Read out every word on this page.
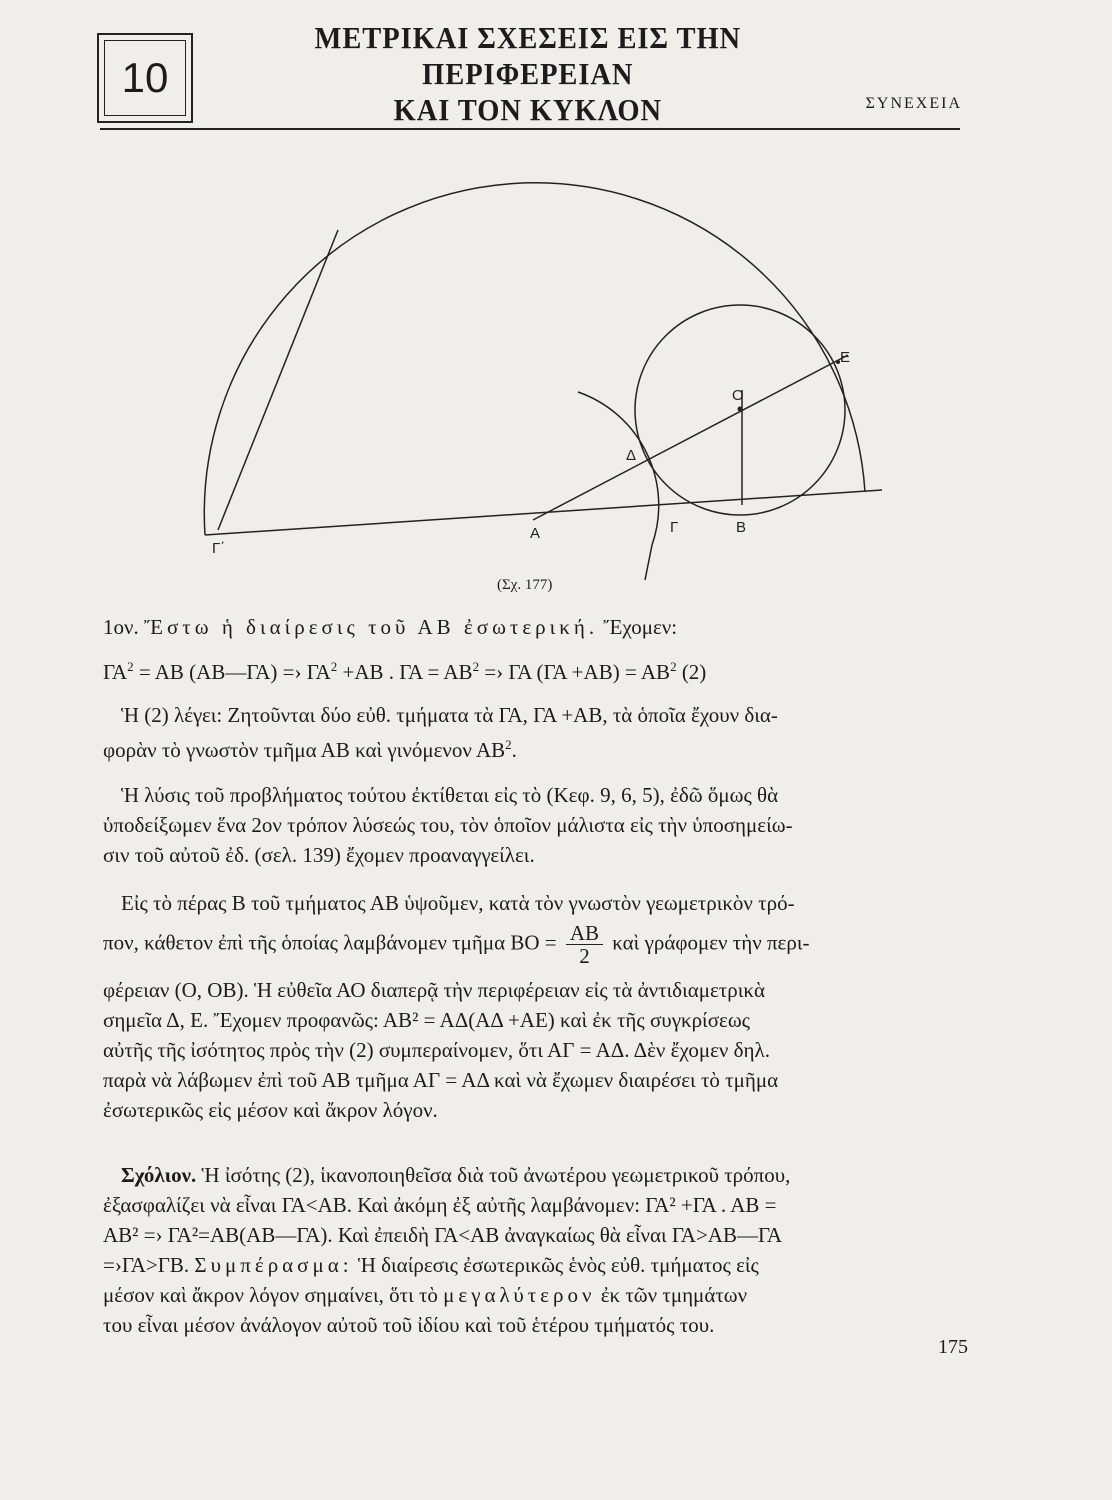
10
ΜΕΤΡΙΚΑΙ ΣΧΕΣΕΙΣ ΕΙΣ ΤΗΝ ΠΕΡΙΦΕΡΕΙΑΝ
ΚΑΙ ΤΟΝ ΚΥΚΛΟΝ	ΣΥΝΕΧΕΙΑ
Γ΄
Α	Γ	Β
Δ
Ο
Ε
(Σχ. 177)
1ον. Ἔστω ἡ διαίρεσις τοῦ ΑΒ ἐσωτερική. Ἔχομεν:
$\Gamma A^2 = AB$ (ΑΒ—ΓΑ) =› $\Gamma A^2 +AB$ . $\Gamma A = AB^2$ =› ΓΑ $(\Gamma A +AB) = AB^2$ (2)
Ἡ (2) λέγει: Ζητοῦνται δύο εὐθ. τμήματα τὰ ΓΑ, ΓΑ +ΑΒ, τὰ ὁποῖα ἔχουν δια-
φορὰν τὸ γνωστὸν τμῆμα ΑΒ καὶ γινόμενον $AB^2$.
Ἡ λύσις τοῦ προβλήματος τούτου ἐκτίθεται εἰς τὸ (Κεφ. 9, 6, 5), ἐδῶ ὅμως θὰ
ὑποδείξωμεν ἕνα 2ον τρόπον λύσεώς του, τὸν ὁποῖον μάλιστα εἰς τὴν ὑποσημείω-
σιν τοῦ αὐτοῦ ἐδ. (σελ. 139) ἔχομεν προαναγγείλει.
Εἰς τὸ πέρας Β τοῦ τμήματος ΑΒ ὑψοῦμεν, κατὰ τὸν γνωστὸν γεωμετρικὸν τρό-
πον, κάθετον ἐπὶ τῆς ὁποίας λαμβάνομεν τμῆμα $BO = \frac{AB}{2}$ καὶ γράφομεν τὴν περι-
φέρειαν (Ο, ΟΒ). Ἡ εὐθεῖα ΑΟ διαπερᾷ τὴν περιφέρειαν εἰς τὰ ἀντιδιαμετρικὰ
σημεῖα Δ, Ε. Ἔχομεν προφανῶς: ΑΒ² = ΑΔ(ΑΔ +ΑΕ) καὶ ἐκ τῆς συγκρίσεως
αὐτῆς τῆς ἰσότητος πρὸς τὴν (2) συμπεραίνομεν, ὅτι ΑΓ = ΑΔ. Δὲν ἔχομεν δηλ.
παρὰ νὰ λάβωμεν ἐπὶ τοῦ ΑΒ τμῆμα ΑΓ = ΑΔ καὶ νὰ ἔχωμεν διαιρέσει τὸ τμῆμα
ἐσωτερικῶς εἰς μέσον καὶ ἄκρον λόγον.
Σχόλιον. Ἡ ἰσότης (2), ἱκανοποιηθεῖσα διὰ τοῦ ἀνωτέρου γεωμετρικοῦ τρόπου,
ἐξασφαλίζει νὰ εἶναι ΓΑ<ΑΒ. Καὶ ἀκόμη ἐξ αὐτῆς λαμβάνομεν: ΓΑ² +ΓΑ . ΑΒ =
ΑΒ² =› ΓΑ²=ΑΒ(ΑΒ—ΓΑ). Καὶ ἐπειδὴ ΓΑ<ΑΒ ἀναγκαίως θὰ εἶναι ΓΑ>ΑΒ—ΓΑ
=›ΓΑ>ΓΒ. Συμπέρασμα: Ἡ διαίρεσις ἐσωτερικῶς ἑνὸς εὐθ. τμήματος εἰς
μέσον καὶ ἄκρον λόγον σημαίνει, ὅτι τὸ μεγαλύτερον ἐκ τῶν τμημάτων
του εἶναι μέσον ἀνάλογον αὐτοῦ τοῦ ἰδίου καὶ τοῦ ἑτέρου τμήματός του.
175
